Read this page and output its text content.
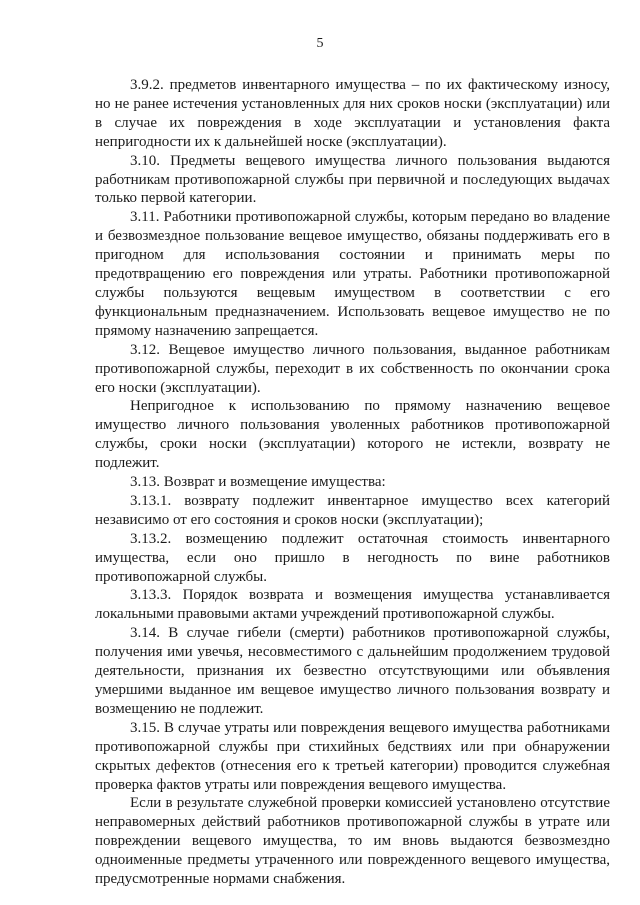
5

3.9.2. предметов инвентарного имущества – по их фактическому износу, но не ранее истечения установленных для них сроков носки (эксплуатации) или в случае их повреждения в ходе эксплуатации и установления факта непригодности их к дальнейшей носке (эксплуатации).

3.10. Предметы вещевого имущества личного пользования выдаются работникам противопожарной службы при первичной и последующих выдачах только первой категории.

3.11. Работники противопожарной службы, которым передано во владение и безвозмездное пользование вещевое имущество, обязаны поддерживать его в пригодном для использования состоянии и принимать меры по предотвращению его повреждения или утраты. Работники противопожарной службы пользуются вещевым имуществом в соответствии с его функциональным предназначением. Использовать вещевое имущество не по прямому назначению запрещается.

3.12. Вещевое имущество личного пользования, выданное работникам противопожарной службы, переходит в их собственность по окончании срока его носки (эксплуатации).

Непригодное к использованию по прямому назначению вещевое имущество личного пользования уволенных работников противопожарной службы, сроки носки (эксплуатации) которого не истекли, возврату не подлежит.

3.13. Возврат и возмещение имущества:

3.13.1. возврату подлежит инвентарное имущество всех категорий независимо от его состояния и сроков носки (эксплуатации);

3.13.2. возмещению подлежит остаточная стоимость инвентарного имущества, если оно пришло в негодность по вине работников противопожарной службы.

3.13.3. Порядок возврата и возмещения имущества устанавливается локальными правовыми актами учреждений противопожарной службы.

3.14. В случае гибели (смерти) работников противопожарной службы, получения ими увечья, несовместимого с дальнейшим продолжением трудовой деятельности, признания их безвестно отсутствующими или объявления умершими выданное им вещевое имущество личного пользования возврату и возмещению не подлежит.

3.15. В случае утраты или повреждения вещевого имущества работниками противопожарной службы при стихийных бедствиях или при обнаружении скрытых дефектов (отнесения его к третьей категории) проводится служебная проверка фактов утраты или повреждения вещевого имущества.

Если в результате служебной проверки комиссией установлено отсутствие неправомерных действий работников противопожарной службы в утрате или повреждении вещевого имущества, то им вновь выдаются безвозмездно одноименные предметы утраченного или поврежденного вещевого имущества, предусмотренные нормами снабжения.
